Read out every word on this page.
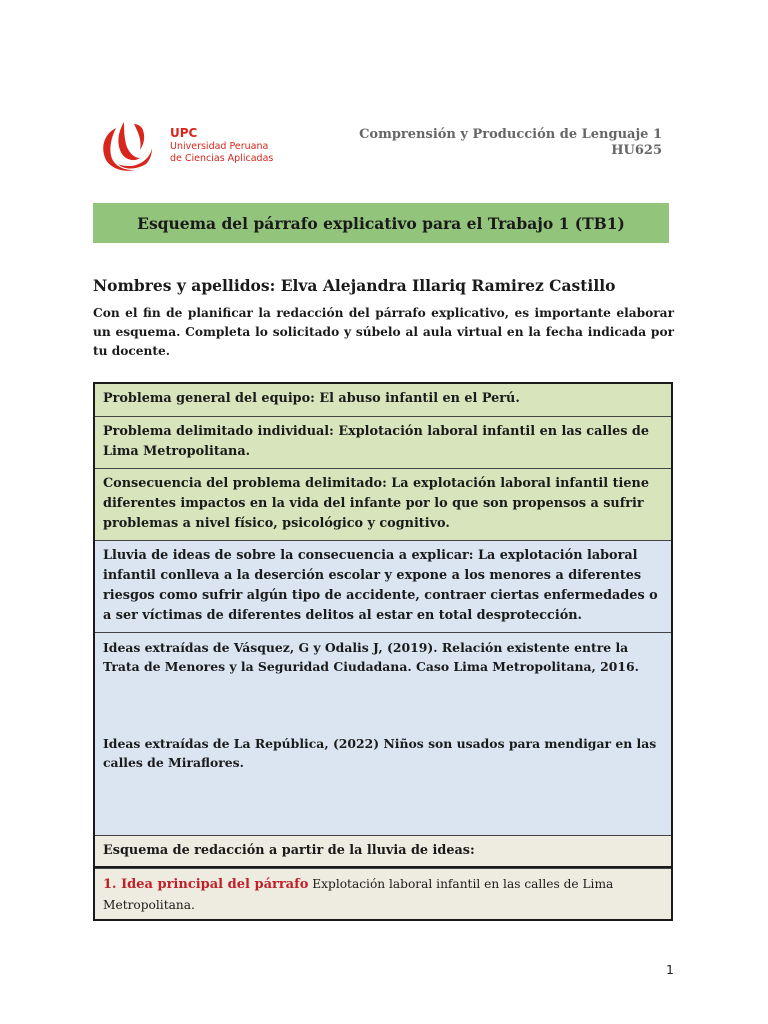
UPC
Universidad Peruana
de Ciencias Aplicadas
Comprensión y Producción de Lenguaje 1
HU625
Esquema del párrafo explicativo para el Trabajo 1 (TB1)
Nombres y apellidos: Elva Alejandra Illariq Ramirez Castillo
Con el fin de planificar la redacción del párrafo explicativo, es importante elaborar un esquema. Completa lo solicitado y súbelo al aula virtual en la fecha indicada por tu docente.
Problema general del equipo: El abuso infantil en el Perú.
Problema delimitado individual: Explotación laboral infantil en las calles de Lima Metropolitana.
Consecuencia del problema delimitado: La explotación laboral infantil tiene diferentes impactos en la vida del infante por lo que son propensos a sufrir problemas a nivel físico, psicológico y cognitivo.
Lluvia de ideas de sobre la consecuencia a explicar: La explotación laboral infantil conlleva a la deserción escolar y expone a los menores a diferentes riesgos como sufrir algún tipo de accidente, contraer ciertas enfermedades o a ser víctimas de diferentes delitos al estar en total desprotección.
Ideas extraídas de Vásquez, G y Odalis J, (2019). Relación existente entre la Trata de Menores y la Seguridad Ciudadana. Caso Lima Metropolitana, 2016.
Ideas extraídas de La República, (2022) Niños son usados para mendigar en las calles de Miraflores.
Esquema de redacción a partir de la lluvia de ideas:
1. Idea principal del párrafo Explotación laboral infantil en las calles de Lima Metropolitana.
1
